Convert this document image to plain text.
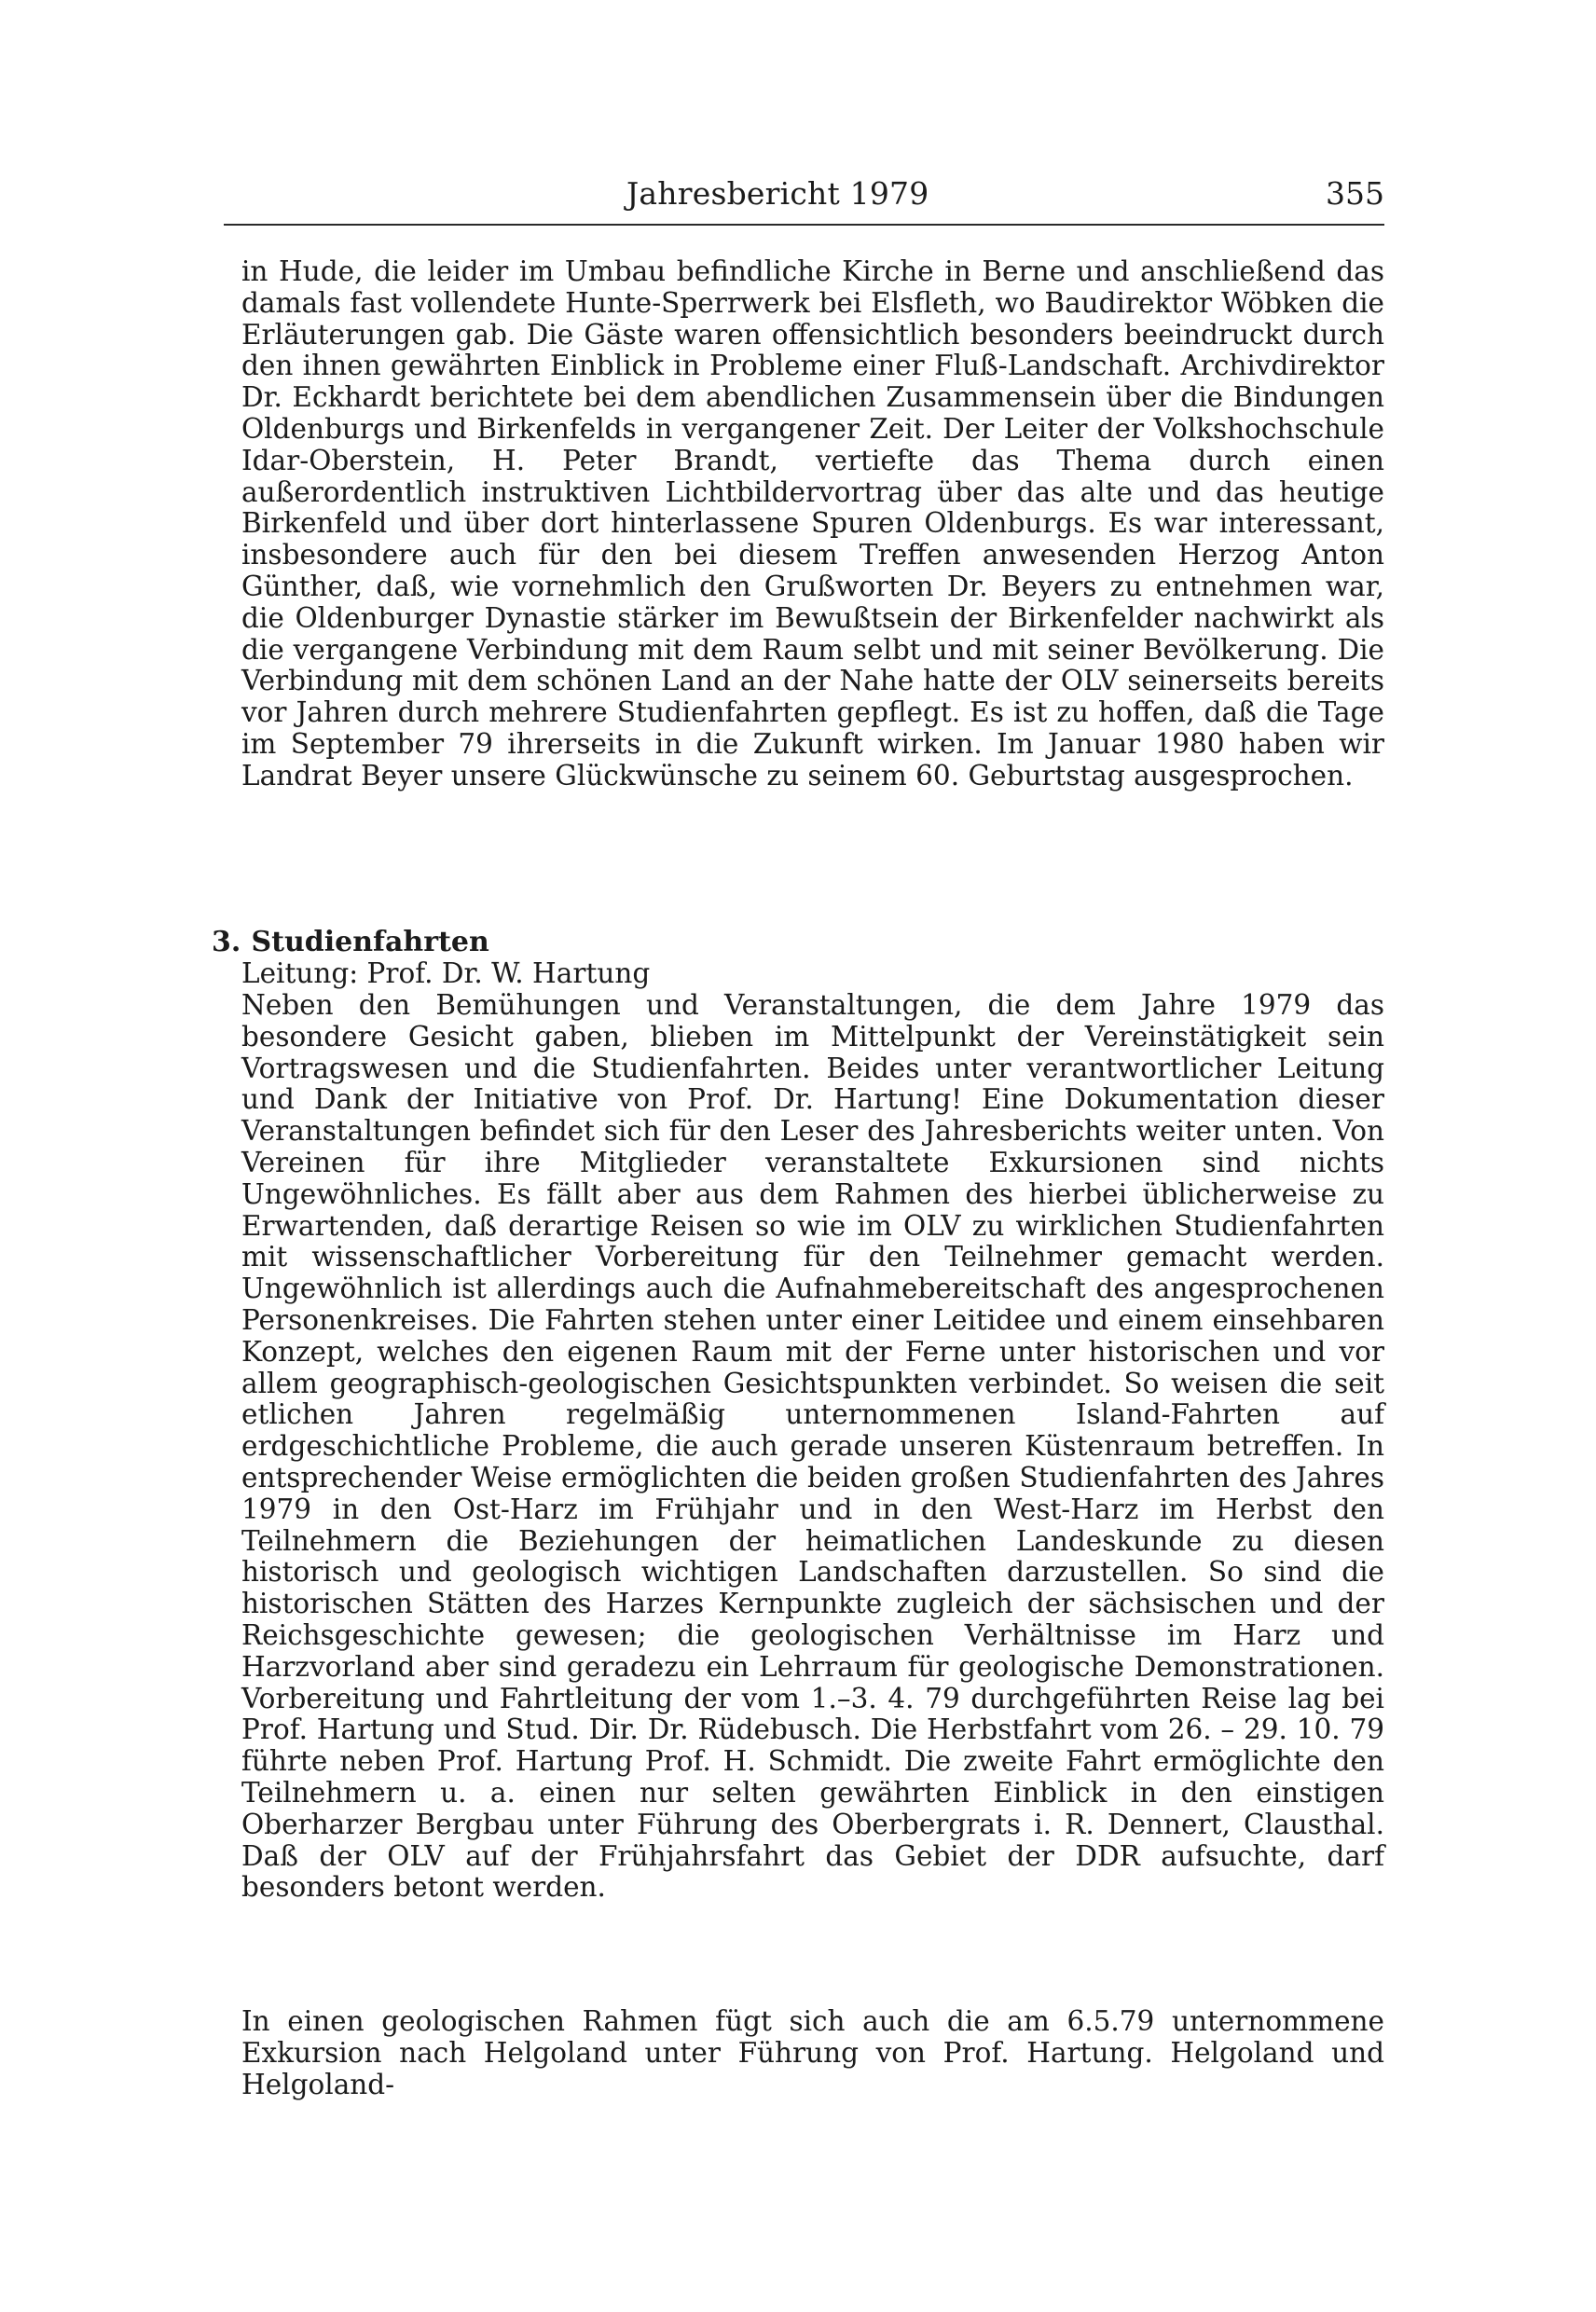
Jahresbericht 1979	355

in Hude, die leider im Umbau befindliche Kirche in Berne und anschließend das damals fast vollendete Hunte-Sperrwerk bei Elsfleth, wo Baudirektor Wöbken die Erläuterungen gab. Die Gäste waren offensichtlich besonders beeindruckt durch den ihnen gewährten Einblick in Probleme einer Fluß-Landschaft. Archivdirektor Dr. Eckhardt berichtete bei dem abendlichen Zusammensein über die Bindungen Oldenburgs und Birkenfelds in vergangener Zeit. Der Leiter der Volkshochschule Idar-Oberstein, H. Peter Brandt, vertiefte das Thema durch einen außerordentlich instruktiven Lichtbildervortrag über das alte und das heutige Birkenfeld und über dort hinterlassene Spuren Oldenburgs. Es war interessant, insbesondere auch für den bei diesem Treffen anwesenden Herzog Anton Günther, daß, wie vornehmlich den Grußworten Dr. Beyers zu entnehmen war, die Oldenburger Dynastie stärker im Bewußtsein der Birkenfelder nachwirkt als die vergangene Verbindung mit dem Raum selbt und mit seiner Bevölkerung. Die Verbindung mit dem schönen Land an der Nahe hatte der OLV seinerseits bereits vor Jahren durch mehrere Studienfahrten gepflegt. Es ist zu hoffen, daß die Tage im September 79 ihrerseits in die Zukunft wirken. Im Januar 1980 haben wir Landrat Beyer unsere Glückwünsche zu seinem 60. Geburtstag ausgesprochen.

3. Studienfahrten

Leitung: Prof. Dr. W. Hartung

Neben den Bemühungen und Veranstaltungen, die dem Jahre 1979 das besondere Gesicht gaben, blieben im Mittelpunkt der Vereinstätigkeit sein Vortragswesen und die Studienfahrten. Beides unter verantwortlicher Leitung und Dank der Initiative von Prof. Dr. Hartung! Eine Dokumentation dieser Veranstaltungen befindet sich für den Leser des Jahresberichts weiter unten. Von Vereinen für ihre Mitglieder veranstaltete Exkursionen sind nichts Ungewöhnliches. Es fällt aber aus dem Rahmen des hierbei üblicherweise zu Erwartenden, daß derartige Reisen so wie im OLV zu wirklichen Studienfahrten mit wissenschaftlicher Vorbereitung für den Teilnehmer gemacht werden. Ungewöhnlich ist allerdings auch die Aufnahmebereitschaft des angesprochenen Personenkreises. Die Fahrten stehen unter einer Leitidee und einem einsehbaren Konzept, welches den eigenen Raum mit der Ferne unter historischen und vor allem geographisch-geologischen Gesichtspunkten verbindet. So weisen die seit etlichen Jahren regelmäßig unternommenen Island-Fahrten auf erdgeschichtliche Probleme, die auch gerade unseren Küstenraum betreffen. In entsprechender Weise ermöglichten die beiden großen Studienfahrten des Jahres 1979 in den Ost-Harz im Frühjahr und in den West-Harz im Herbst den Teilnehmern die Beziehungen der heimatlichen Landeskunde zu diesen historisch und geologisch wichtigen Landschaften darzustellen. So sind die historischen Stätten des Harzes Kernpunkte zugleich der sächsischen und der Reichsgeschichte gewesen; die geologischen Verhältnisse im Harz und Harzvorland aber sind geradezu ein Lehrraum für geologische Demonstrationen. Vorbereitung und Fahrtleitung der vom 1.–3. 4. 79 durchgeführten Reise lag bei Prof. Hartung und Stud. Dir. Dr. Rüdebusch. Die Herbstfahrt vom 26. – 29. 10. 79 führte neben Prof. Hartung Prof. H. Schmidt. Die zweite Fahrt ermöglichte den Teilnehmern u. a. einen nur selten gewährten Einblick in den einstigen Oberharzer Bergbau unter Führung des Oberbergrats i. R. Dennert, Clausthal. Daß der OLV auf der Frühjahrsfahrt das Gebiet der DDR aufsuchte, darf besonders betont werden.

In einen geologischen Rahmen fügt sich auch die am 6.5.79 unternommene Exkursion nach Helgoland unter Führung von Prof. Hartung. Helgoland und Helgoland-
